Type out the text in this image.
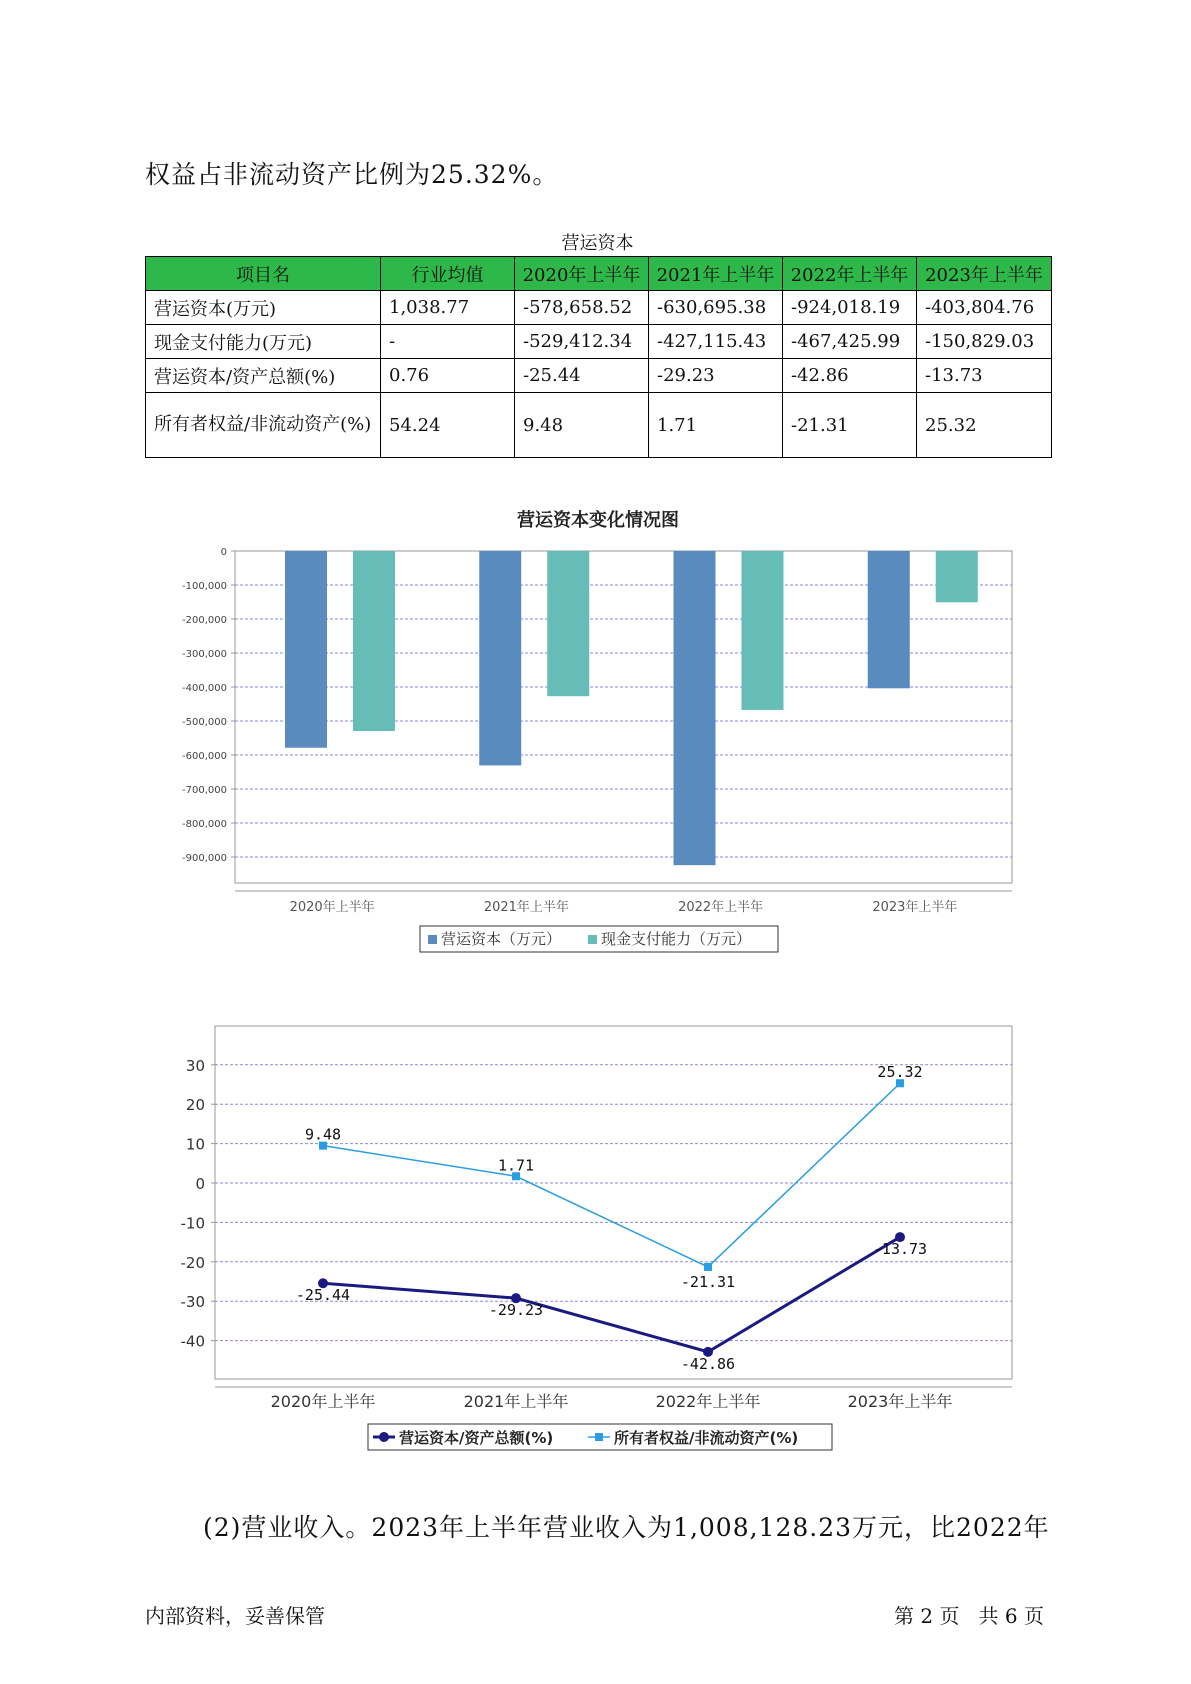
权益占非流动资产比例为25.32%。
营运资本
项目名	行业均值	2020年上半年	2021年上半年	2022年上半年	2023年上半年
营运资本(万元)	1,038.77	-578,658.52	-630,695.38	-924,018.19	-403,804.76
现金支付能力(万元)	-	-529,412.34	-427,115.43	-467,425.99	-150,829.03
营运资本/资产总额(%)	0.76	-25.44	-29.23	-42.86	-13.73
所有者权益/非流动资产(%)	54.24	9.48	1.71	-21.31	25.32
营运资本变化情况图
0
-100,000
-200,000
-300,000
-400,000
-500,000
-600,000
-700,000
-800,000
-900,000
2020年上半年	2021年上半年	2022年上半年	2023年上半年
营运资本（万元）	现金支付能力（万元）
30
20
10
0
-10
-20
-30
-40
2020年上半年	2021年上半年	2022年上半年	2023年上半年
-25.44
-29.23
-42.86
-13.73
9.48
1.71
-21.31
25.32
营运资本/资产总额(%)	所有者权益/非流动资产(%)
(2)营业收入。2023年上半年营业收入为1,008,128.23万元，比2022年
内部资料，妥善保管	第 2 页   共 6 页
